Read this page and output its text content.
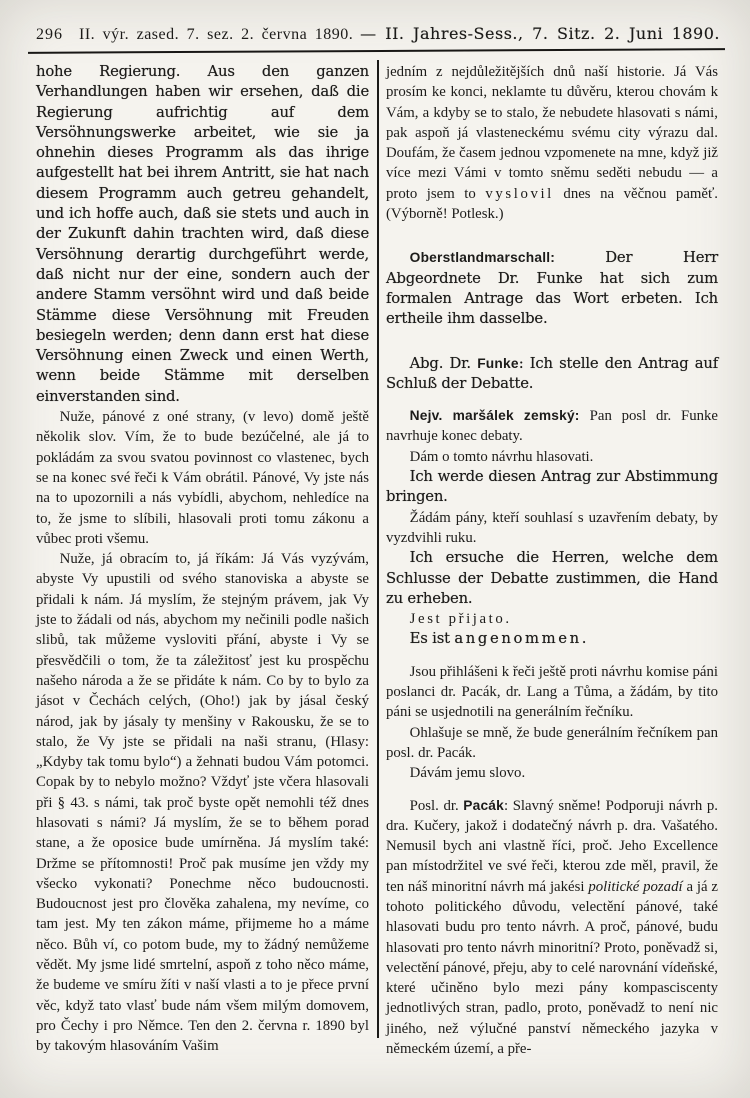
296 II. výr. zased. 7. sez. 2. června 1890. — II. Jahres-Sess., 7. Sitz. 2. Juni 1890.

hohe Regierung. Aus den ganzen Verhandlungen haben wir ersehen, daß die Regierung aufrichtig auf dem Versöhnungswerke arbeitet, wie sie ja ohnehin dieses Programm als das ihrige aufgestellt hat bei ihrem Antritt, sie hat nach diesem Programm auch getreu gehandelt, und ich hoffe auch, daß sie stets und auch in der Zukunft dahin trachten wird, daß diese Versöhnung derartig durchgeführt werde, daß nicht nur der eine, sondern auch der andere Stamm versöhnt wird und daß beide Stämme diese Versöhnung mit Freuden besiegeln werden; denn dann erst hat diese Versöhnung einen Zweck und einen Werth, wenn beide Stämme mit derselben einverstanden sind.

Nuže, pánové z oné strany, (v levo) domě ještě několik slov. Vím, že to bude bezúčelné, ale já to pokládám za svou svatou povinnost co vlastenec, bych se na konec své řeči k Vám obrátil. Pánové, Vy jste nás na to upozornili a nás vybídli, abychom, nehledíce na to, že jsme to slíbili, hlasovali proti tomu zákonu a vůbec proti všemu.

Nuže, já obracím to, já říkám: Já Vás vyzývám, abyste Vy upustili od svého stanoviska a abyste se přidali k nám. Já myslím, že stejným právem, jak Vy jste to žádali od nás, abychom my nečinili podle našich slibů, tak můžeme vysloviti přání, abyste i Vy se přesvědčili o tom, že ta záležitosť jest ku prospěchu našeho národa a že se přidáte k nám. Co by to bylo za jásot v Čechách celých, (Oho!) jak by jásal český národ, jak by jásaly ty menšiny v Rakousku, že se to stalo, že Vy jste se přidali na naši stranu, (Hlasy: „Kdyby tak tomu bylo“) a žehnati budou Vám potomci. Copak by to nebylo možno? Vždyť jste včera hlasovali při § 43. s námi, tak proč byste opět nemohli též dnes hlasovati s námi? Já myslím, že se to během porad stane, a že oposice bude umírněna. Já myslím také: Držme se přítomnosti! Proč pak musíme jen vždy my všecko vykonati? Ponechme něco budoucnosti. Budoucnost jest pro člověka zahalena, my nevíme, co tam jest. My ten zákon máme, přijmeme ho a máme něco. Bůh ví, co potom bude, my to žádný nemůžeme vědět. My jsme lidé smrtelní, aspoň z toho něco máme, že budeme ve smíru žíti v naší vlasti a to je přece první věc, když tato vlasť bude nám všem milým domovem, pro Čechy i pro Němce. Ten den 2. června r. 1890 byl by takovým hlasováním Vašim

jedním z nejdůležitějších dnů naší historie. Já Vás prosím ke konci, neklamte tu důvěru, kterou chovám k Vám, a kdyby se to stalo, že nebudete hlasovati s námi, pak aspoň já vlasteneckému svému city výrazu dal. Doufám, že časem jednou vzpomenete na mne, když již více mezi Vámi v tomto sněmu seděti nebudu — a proto jsem to vyslovil dnes na věčnou paměť. (Výborně! Potlesk.)

Oberstlandmarschall: Der Herr Abgeordnete Dr. Funke hat sich zum formalen Antrage das Wort erbeten. Ich ertheile ihm dasselbe.

Abg. Dr. Funke: Ich stelle den Antrag auf Schluß der Debatte.

Nejv. maršálek zemský: Pan posl dr. Funke navrhuje konec debaty.

Dám o tomto návrhu hlasovati.

Ich werde diesen Antrag zur Abstimmung bringen.

Žádám pány, kteří souhlasí s uzavřením debaty, by vyzdvihli ruku.

Ich ersuche die Herren, welche dem Schlusse der Debatte zustimmen, die Hand zu erheben.

Jest přijato.

Es ist angenommen.

Jsou přihlášeni k řeči ještě proti návrhu komise páni poslanci dr. Pacák, dr. Lang a Tůma, a žádám, by tito páni se usjednotili na generálním řečníku.

Ohlašuje se mně, že bude generálním řečníkem pan posl. dr. Pacák.

Dávám jemu slovo.

Posl. dr. Pacák: Slavný sněme! Podporuji návrh p. dra. Kučery, jakož i dodatečný návrh p. dra. Vašatého. Nemusil bych ani vlastně říci, proč. Jeho Excellence pan místodržitel ve své řeči, kterou zde měl, pravil, že ten náš minoritní návrh má jakési politické pozadí a já z tohoto politického důvodu, velectění pánové, také hlasovati budu pro tento návrh. A proč, pánové, budu hlasovati pro tento návrh minoritní? Proto, poněvadž si, velectění pánové, přeju, aby to celé narovnání vídeňské, které učiněno bylo mezi pány kompasciscenty jednotlivých stran, padlo, proto, poněvadž to není nic jiného, než výlučné panství německého jazyka v německém území, a pře-
